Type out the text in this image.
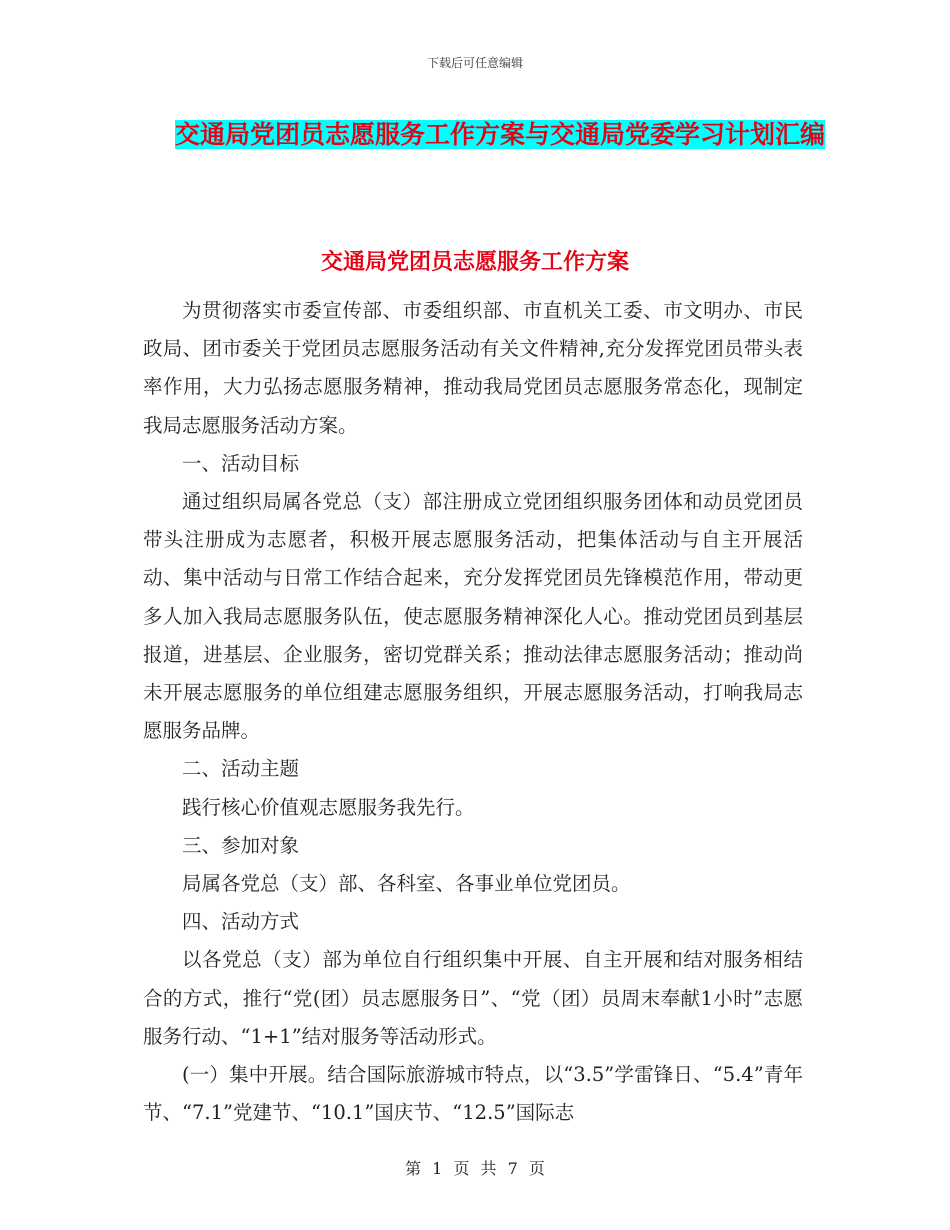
下载后可任意编辑
交通局党团员志愿服务工作方案与交通局党委学习计划汇编
交通局党团员志愿服务工作方案

为贯彻落实市委宣传部、市委组织部、市直机关工委、市文明办、市民政局、团市委关于党团员志愿服务活动有关文件精神,充分发挥党团员带头表率作用，大力弘扬志愿服务精神，推动我局党团员志愿服务常态化，现制定我局志愿服务活动方案。

一、活动目标

通过组织局属各党总（支）部注册成立党团组织服务团体和动员党团员带头注册成为志愿者，积极开展志愿服务活动，把集体活动与自主开展活动、集中活动与日常工作结合起来，充分发挥党团员先锋模范作用，带动更多人加入我局志愿服务队伍，使志愿服务精神深化人心。推动党团员到基层报道，进基层、企业服务，密切党群关系；推动法律志愿服务活动；推动尚未开展志愿服务的单位组建志愿服务组织，开展志愿服务活动，打响我局志愿服务品牌。

二、活动主题

践行核心价值观志愿服务我先行。

三、参加对象

局属各党总（支）部、各科室、各事业单位党团员。

四、活动方式

以各党总（支）部为单位自行组织集中开展、自主开展和结对服务相结合的方式，推行“党(团）员志愿服务日”、“党（团）员周末奉献1小时”志愿服务行动、“1+1”结对服务等活动形式。

(一）集中开展。结合国际旅游城市特点，以“3.5”学雷锋日、“5.4”青年节、“7.1”党建节、“10.1”国庆节、“12.5”国际志

第 1 页 共 7 页
